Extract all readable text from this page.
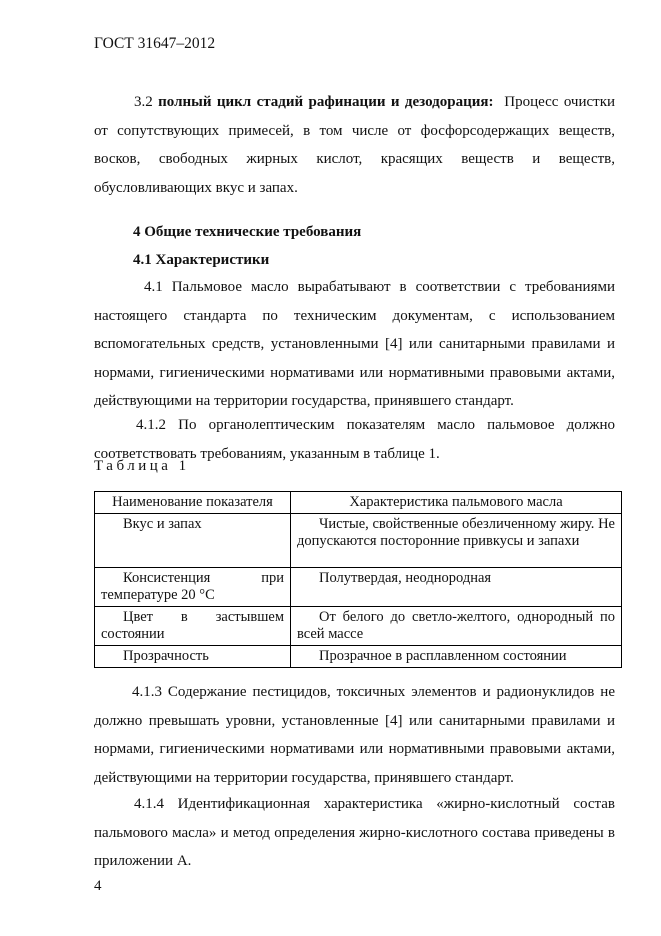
ГОСТ 31647–2012

3.2 полный цикл стадий рафинации и дезодорация: Процесс очистки от сопутствующих примесей, в том числе от фосфорсодержащих веществ, восков, свободных жирных кислот, красящих веществ и веществ, обусловливающих вкус и запах.

4 Общие технические требования
4.1 Характеристики

4.1 Пальмовое масло вырабатывают в соответствии с требованиями настоящего стандарта по техническим документам, с использованием вспомогательных средств, установленными [4] или санитарными правилами и нормами, гигиеническими нормативами или нормативными правовыми актами, действующими на территории государства, принявшего стандарт.

4.1.2 По органолептическим показателям масло пальмовое должно соответствовать требованиям, указанным в таблице 1.

Таблица 1
Наименование показателя	Характеристика пальмового масла
Вкус и запах	Чистые, свойственные обезличенному жиру. Не допускаются посторонние привкусы и запахи
Консистенция при температуре 20 °С	Полутвердая, неоднородная
Цвет в застывшем состоянии	От белого до светло-желтого, однородный по всей массе
Прозрачность	Прозрачное в расплавленном состоянии

4.1.3 Содержание пестицидов, токсичных элементов и радионуклидов не должно превышать уровни, установленные [4] или санитарными правилами и нормами, гигиеническими нормативами или нормативными правовыми актами, действующими на территории государства, принявшего стандарт.

4.1.4 Идентификационная характеристика «жирно-кислотный состав пальмового масла» и метод определения жирно-кислотного состава приведены в приложении А.

4
